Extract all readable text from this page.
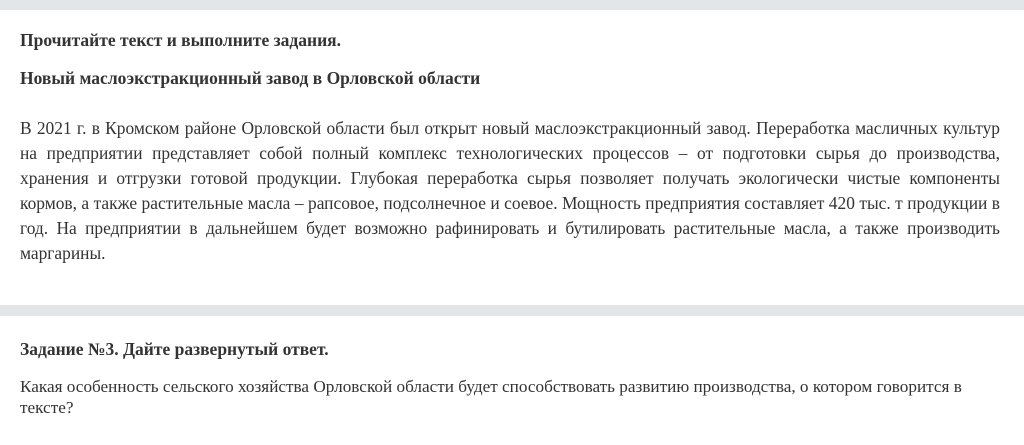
Прочитайте текст и выполните задания.
Новый маслоэкстракционный завод в Орловской области

В 2021 г. в Кромском районе Орловской области был открыт новый маслоэкстракционный завод. Переработка масличных культур на предприятии представляет собой полный комплекс технологических процессов – от подготовки сырья до производства, хранения и отгрузки готовой продукции. Глубокая переработка сырья позволяет получать экологически чистые компоненты кормов, а также растительные масла – рапсовое, подсолнечное и соевое. Мощность предприятия составляет 420 тыс. т продукции в год. На предприятии в дальнейшем будет возможно рафинировать и бутилировать растительные масла, а также производить маргарины.

Задание №3. Дайте развернутый ответ.

Какая особенность сельского хозяйства Орловской области будет способствовать развитию производства, о котором говорится в тексте?
